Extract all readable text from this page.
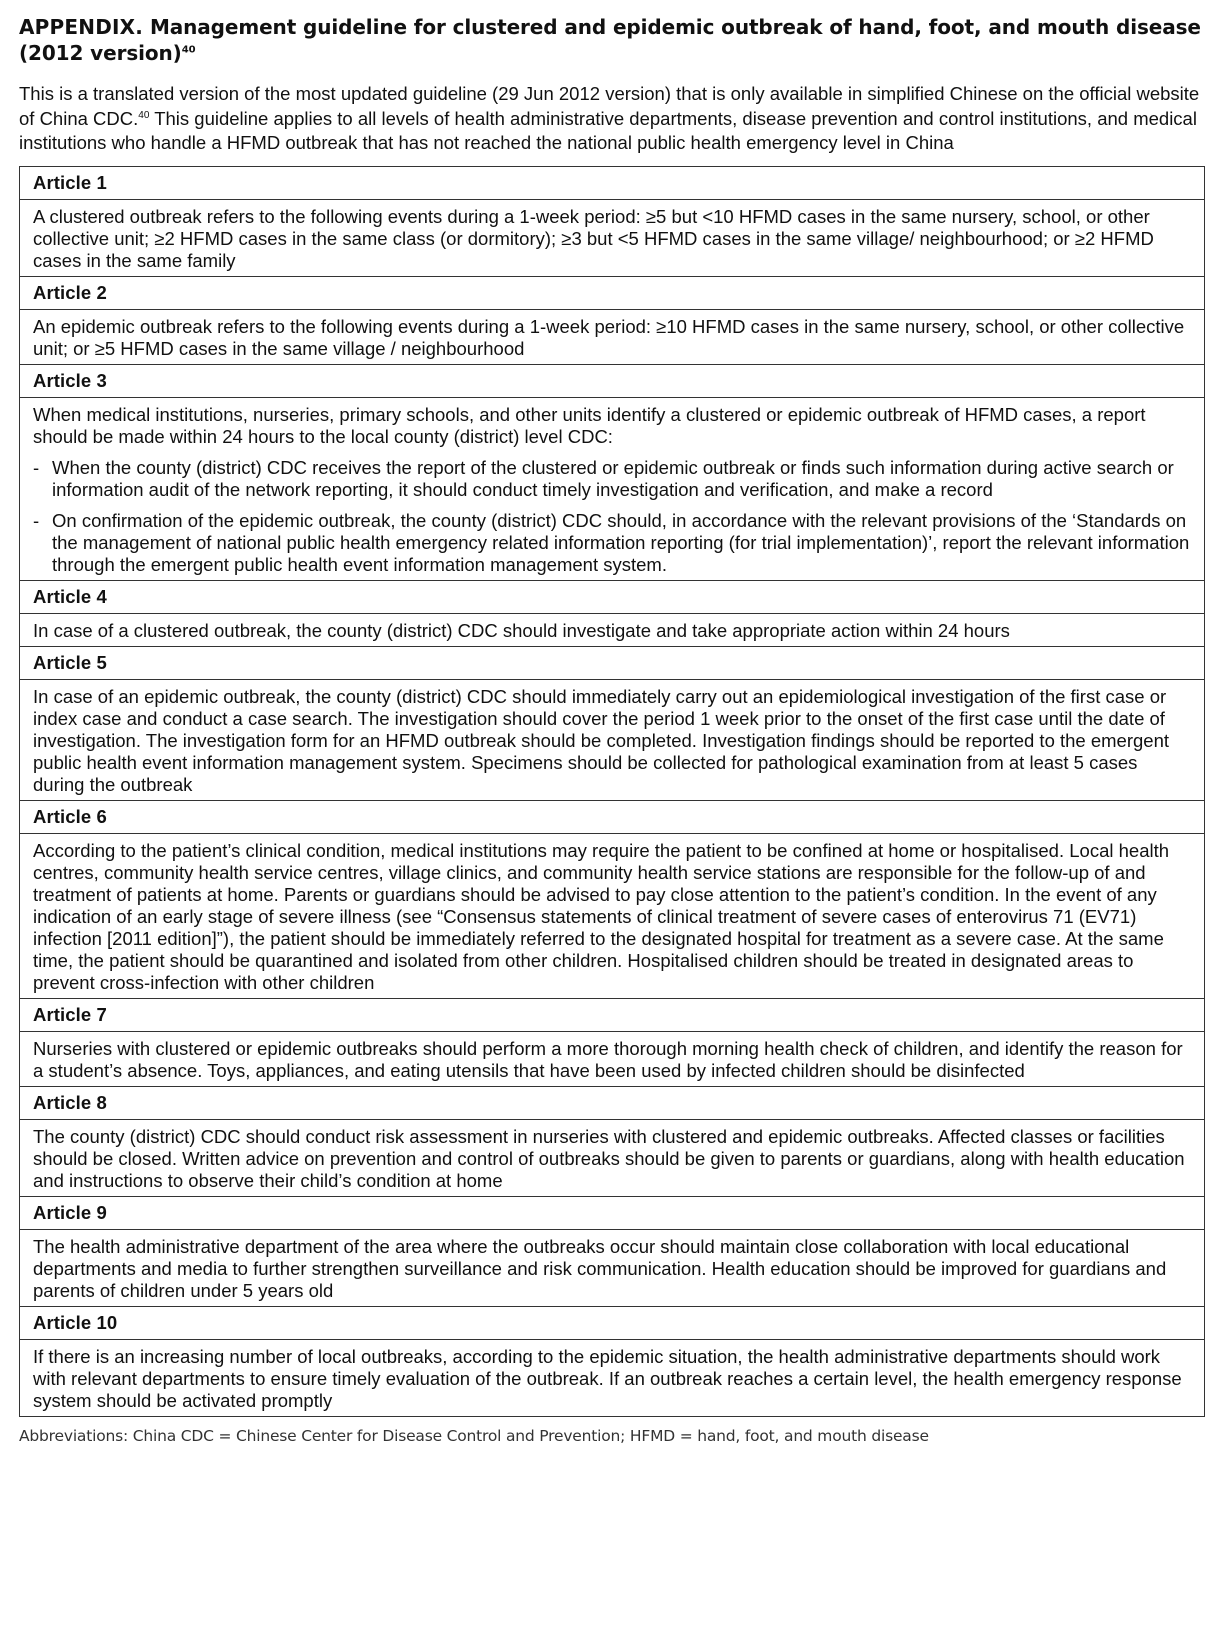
APPENDIX. Management guideline for clustered and epidemic outbreak of hand, foot, and mouth disease (2012 version)$^{40}$

This is a translated version of the most updated guideline (29 Jun 2012 version) that is only available in simplified Chinese on the official website of China CDC.$^{40}$ This guideline applies to all levels of health administrative departments, disease prevention and control institutions, and medical institutions who handle a HFMD outbreak that has not reached the national public health emergency level in China

Article 1

A clustered outbreak refers to the following events during a 1-week period: ≥5 but <10 HFMD cases in the same nursery, school, or other collective unit; ≥2 HFMD cases in the same class (or dormitory); ≥3 but <5 HFMD cases in the same village/ neighbourhood; or ≥2 HFMD cases in the same family

Article 2

An epidemic outbreak refers to the following events during a 1-week period: ≥10 HFMD cases in the same nursery, school, or other collective unit; or ≥5 HFMD cases in the same village / neighbourhood

Article 3

When medical institutions, nurseries, primary schools, and other units identify a clustered or epidemic outbreak of HFMD cases, a report should be made within 24 hours to the local county (district) level CDC:
- When the county (district) CDC receives the report of the clustered or epidemic outbreak or finds such information during active search or information audit of the network reporting, it should conduct timely investigation and verification, and make a record
- On confirmation of the epidemic outbreak, the county (district) CDC should, in accordance with the relevant provisions of the ‘Standards on the management of national public health emergency related information reporting (for trial implementation)’, report the relevant information through the emergent public health event information management system.

Article 4

In case of a clustered outbreak, the county (district) CDC should investigate and take appropriate action within 24 hours

Article 5

In case of an epidemic outbreak, the county (district) CDC should immediately carry out an epidemiological investigation of the first case or index case and conduct a case search. The investigation should cover the period 1 week prior to the onset of the first case until the date of investigation. The investigation form for an HFMD outbreak should be completed. Investigation findings should be reported to the emergent public health event information management system. Specimens should be collected for pathological examination from at least 5 cases during the outbreak

Article 6

According to the patient’s clinical condition, medical institutions may require the patient to be confined at home or hospitalised. Local health centres, community health service centres, village clinics, and community health service stations are responsible for the follow-up of and treatment of patients at home. Parents or guardians should be advised to pay close attention to the patient’s condition. In the event of any indication of an early stage of severe illness (see “Consensus statements of clinical treatment of severe cases of enterovirus 71 (EV71) infection [2011 edition]”), the patient should be immediately referred to the designated hospital for treatment as a severe case. At the same time, the patient should be quarantined and isolated from other children. Hospitalised children should be treated in designated areas to prevent cross-infection with other children

Article 7

Nurseries with clustered or epidemic outbreaks should perform a more thorough morning health check of children, and identify the reason for a student’s absence. Toys, appliances, and eating utensils that have been used by infected children should be disinfected

Article 8

The county (district) CDC should conduct risk assessment in nurseries with clustered and epidemic outbreaks. Affected classes or facilities should be closed. Written advice on prevention and control of outbreaks should be given to parents or guardians, along with health education and instructions to observe their child’s condition at home

Article 9

The health administrative department of the area where the outbreaks occur should maintain close collaboration with local educational departments and media to further strengthen surveillance and risk communication. Health education should be improved for guardians and parents of children under 5 years old

Article 10

If there is an increasing number of local outbreaks, according to the epidemic situation, the health administrative departments should work with relevant departments to ensure timely evaluation of the outbreak. If an outbreak reaches a certain level, the health emergency response system should be activated promptly
Abbreviations: China CDC = Chinese Center for Disease Control and Prevention; HFMD = hand, foot, and mouth disease
